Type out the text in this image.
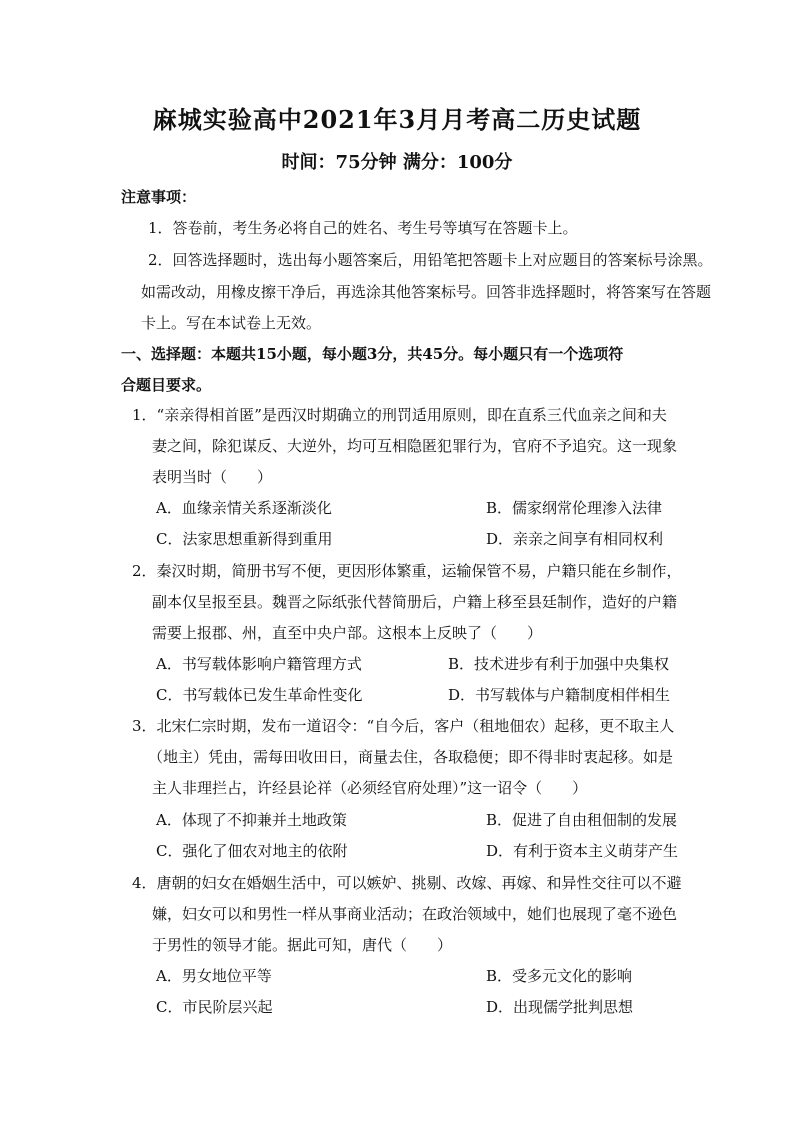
麻城实验高中2021年3月月考高二历史试题
时间：75分钟 满分：100分
注意事项：
1．答卷前，考生务必将自己的姓名、考生号等填写在答题卡上。
2．回答选择题时，选出每小题答案后，用铅笔把答题卡上对应题目的答案标号涂黑。
如需改动，用橡皮擦干净后，再选涂其他答案标号。回答非选择题时，将答案写在答题
卡上。写在本试卷上无效。
一、选择题：本题共15小题，每小题3分，共45分。每小题只有一个选项符
合题目要求。
1．“亲亲得相首匿”是西汉时期确立的刑罚适用原则，即在直系三代血亲之间和夫
妻之间，除犯谋反、大逆外，均可互相隐匿犯罪行为，官府不予追究。这一现象
表明当时（　　）
A．血缘亲情关系逐渐淡化	B．儒家纲常伦理渗入法律
C．法家思想重新得到重用	D．亲亲之间享有相同权利
2．秦汉时期，简册书写不便，更因形体繁重，运输保管不易，户籍只能在乡制作，
副本仅呈报至县。魏晋之际纸张代替简册后，户籍上移至县廷制作，造好的户籍
需要上报郡、州，直至中央户部。这根本上反映了（　　）
A．书写载体影响户籍管理方式	B．技术进步有利于加强中央集权
C．书写载体已发生革命性变化	D．书写载体与户籍制度相伴相生
3．北宋仁宗时期，发布一道诏令：“自今后，客户（租地佃农）起移，更不取主人
（地主）凭由，需每田收田日，商量去住，各取稳便；即不得非时衷起移。如是
主人非理拦占，许经县论祥（必须经官府处理）”这一诏令（　　）
A．体现了不抑兼并土地政策	B．促进了自由租佃制的发展
C．强化了佃农对地主的依附	D．有利于资本主义萌芽产生
4．唐朝的妇女在婚姻生活中，可以嫉妒、挑剔、改嫁、再嫁、和异性交往可以不避
嫌，妇女可以和男性一样从事商业活动；在政治领域中，她们也展现了毫不逊色
于男性的领导才能。据此可知，唐代（　　）
A．男女地位平等	B．受多元文化的影响
C．市民阶层兴起	D．出现儒学批判思想
